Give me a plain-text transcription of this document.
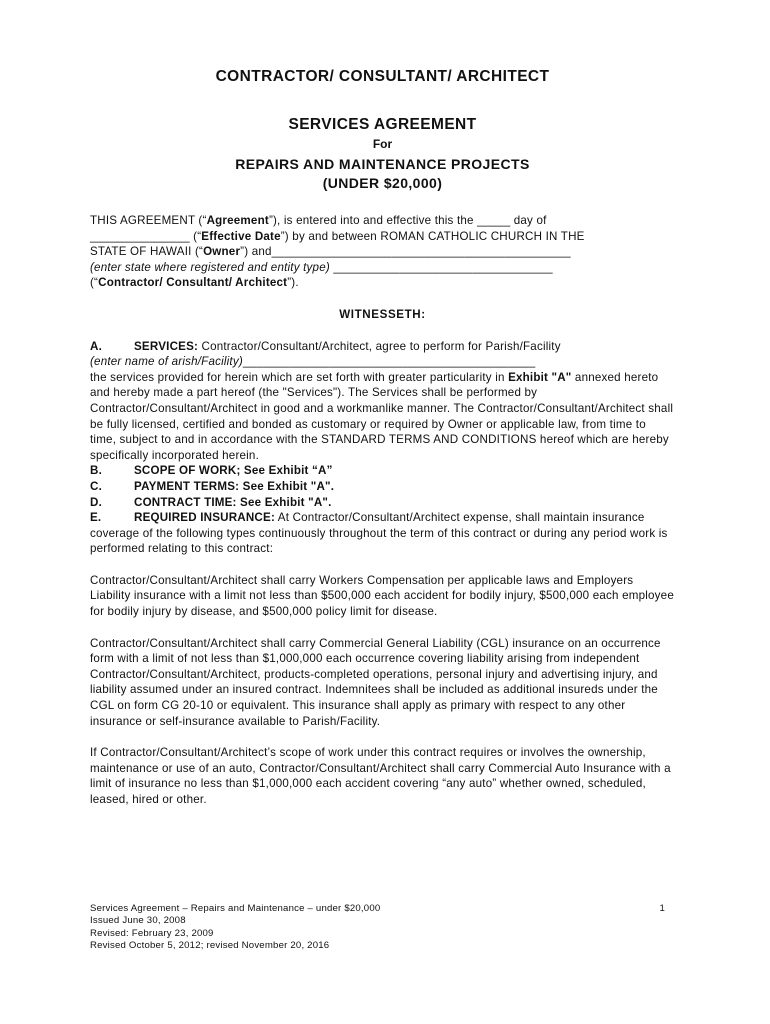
CONTRACTOR/ CONSULTANT/ ARCHITECT

SERVICES AGREEMENT

For

REPAIRS AND MAINTENANCE PROJECTS

(UNDER $20,000)

THIS AGREEMENT (“Agreement”), is entered into and effective this the _____ day of
_______________ (“Effective Date”) by and between ROMAN CATHOLIC CHURCH IN THE
STATE OF HAWAII (“Owner”) and_____________________________________________
(enter state where registered and entity type) _________________________________
(“Contractor/ Consultant/ Architect”).

WITNESSETH:

A.	SERVICES: Contractor/Consultant/Architect, agree to perform for Parish/Facility
(enter name of arish/Facility)____________________________________________
the services provided for herein which are set forth with greater particularity in Exhibit "A" annexed hereto and hereby made a part hereof (the "Services"). The Services shall be performed by Contractor/Consultant/Architect in good and a workmanlike manner. The Contractor/Consultant/Architect shall be fully licensed, certified and bonded as customary or required by Owner or applicable law, from time to time, subject to and in accordance with the STANDARD TERMS AND CONDITIONS hereof which are hereby specifically incorporated herein.

B.	SCOPE OF WORK; See Exhibit “A”

C.	PAYMENT TERMS: See Exhibit "A".

D.	CONTRACT TIME: See Exhibit "A".

E.	REQUIRED INSURANCE: At Contractor/Consultant/Architect expense, shall maintain insurance coverage of the following types continuously throughout the term of this contract or during any period work is performed relating to this contract:

Contractor/Consultant/Architect shall carry Workers Compensation per applicable laws and Employers Liability insurance with a limit not less than $500,000 each accident for bodily injury, $500,000 each employee for bodily injury by disease, and $500,000 policy limit for disease.

Contractor/Consultant/Architect shall carry Commercial General Liability (CGL) insurance on an occurrence form with a limit of not less than $1,000,000 each occurrence covering liability arising from independent Contractor/Consultant/Architect, products-completed operations, personal injury and advertising injury, and liability assumed under an insured contract. Indemnitees shall be included as additional insureds under the CGL on form CG 20-10 or equivalent. This insurance shall apply as primary with respect to any other insurance or self-insurance available to Parish/Facility.

If Contractor/Consultant/Architect’s scope of work under this contract requires or involves the ownership, maintenance or use of an auto, Contractor/Consultant/Architect shall carry Commercial Auto Insurance with a limit of insurance no less than $1,000,000 each accident covering “any auto” whether owned, scheduled, leased, hired or other.

Services Agreement – Repairs and Maintenance – under $20,000
Issued June 30, 2008
Revised: February 23, 2009
Revised October 5, 2012; revised November 20, 2016
1
